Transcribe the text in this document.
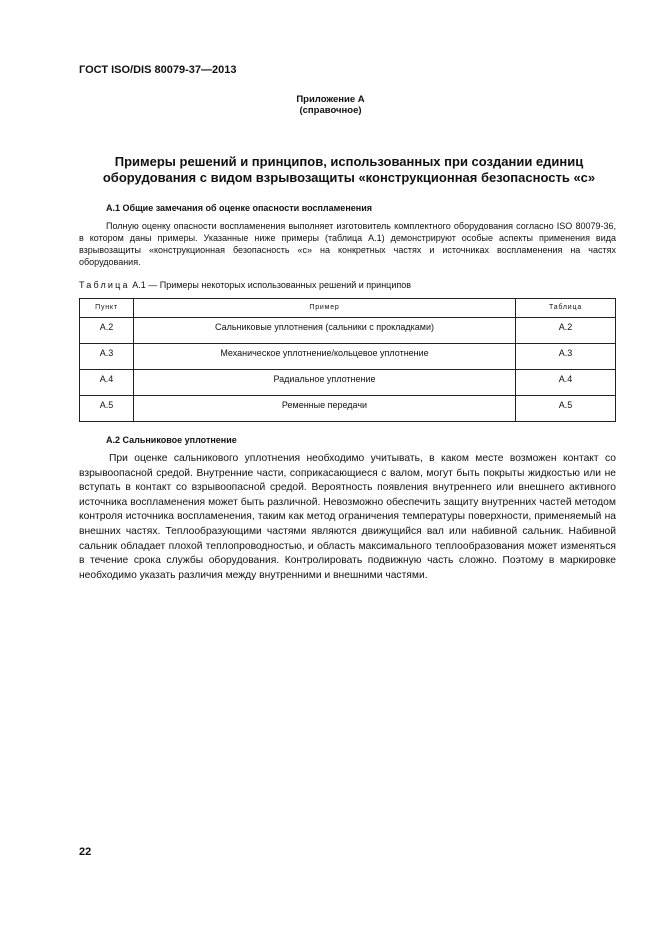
ГОСТ ISO/DIS 80079-37—2013
Приложение А
(справочное)
Примеры решений и принципов, использованных при создании единиц оборудования с видом взрывозащиты «конструкционная безопасность «с»
А.1 Общие замечания об оценке опасности воспламенения

Полную оценку опасности воспламенения выполняет изготовитель комплектного оборудования согласно ISO 80079-36, в котором даны примеры. Указанные ниже примеры (таблица А.1) демонстрируют особые аспекты применения вида взрывозащиты «конструкционная безопасность «с» на конкретных частях и источниках воспламенения на частях оборудования.

Таблица А.1 — Примеры некоторых использованных решений и принципов
Пункт	Пример	Таблица
А.2	Сальниковые уплотнения (сальники с прокладками)	А.2
А.3	Механическое уплотнение/кольцевое уплотнение	А.3
А.4	Радиальное уплотнение	А.4
А.5	Ременные передачи	А.5
А.2 Сальниковое уплотнение

При оценке сальникового уплотнения необходимо учитывать, в каком месте возможен контакт со взрывоопасной средой. Внутренние части, соприкасающиеся с валом, могут быть покрыты жидкостью или не вступать в контакт со взрывоопасной средой. Вероятность появления внутреннего или внешнего активного источника воспламенения может быть различной. Невозможно обеспечить защиту внутренних частей методом контроля источника воспламенения, таким как метод ограничения температуры поверхности, применяемый на внешних частях. Теплообразующими частями являются движущийся вал или набивной сальник. Набивной сальник обладает плохой теплопроводностью, и область максимального теплообразования может изменяться в течение срока службы оборудования. Контролировать подвижную часть сложно. Поэтому в маркировке необходимо указать различия между внутренними и внешними частями.

22
